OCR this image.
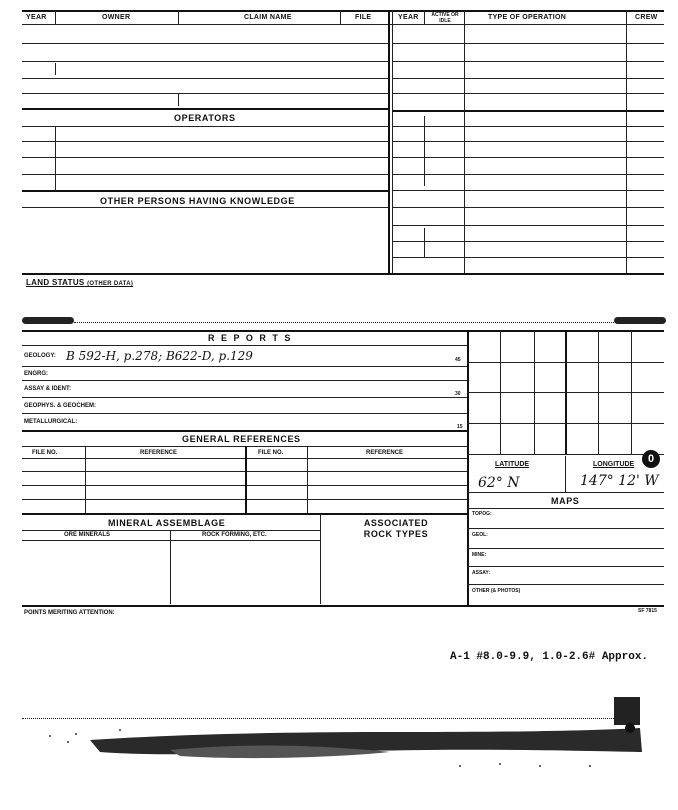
YEAR	OWNER	CLAIM NAME	FILE	YEAR	ACTIVE OR IDLE	TYPE OF OPERATION	CREW
OPERATORS
OTHER PERSONS HAVING KNOWLEDGE
LAND STATUS (OTHER DATA)
R E P O R T S
GEOLOGY: B 592-H, p.278; B622-D, p.129	45
ENGRG:
ASSAY & IDENT:
30
GEOPHYS. & GEOCHEM:
METALLURGICAL:
15
GENERAL REFERENCES
FILE NO.	REFERENCE	FILE NO.	REFERENCE
MINERAL ASSEMBLAGE
ORE MINERALS	ROCK FORMING, ETC.
ASSOCIATED ROCK TYPES
LATITUDE	LONGITUDE	0
62° N	147° 12' W
MAPS
TOPOG:
GEOL:
MINE:
ASSAY:
OTHER (& PHOTOS)
POINTS MERITING ATTENTION:	SF 7815
A-1 #8.0-9.9, 1.0-2.6# Approx.
